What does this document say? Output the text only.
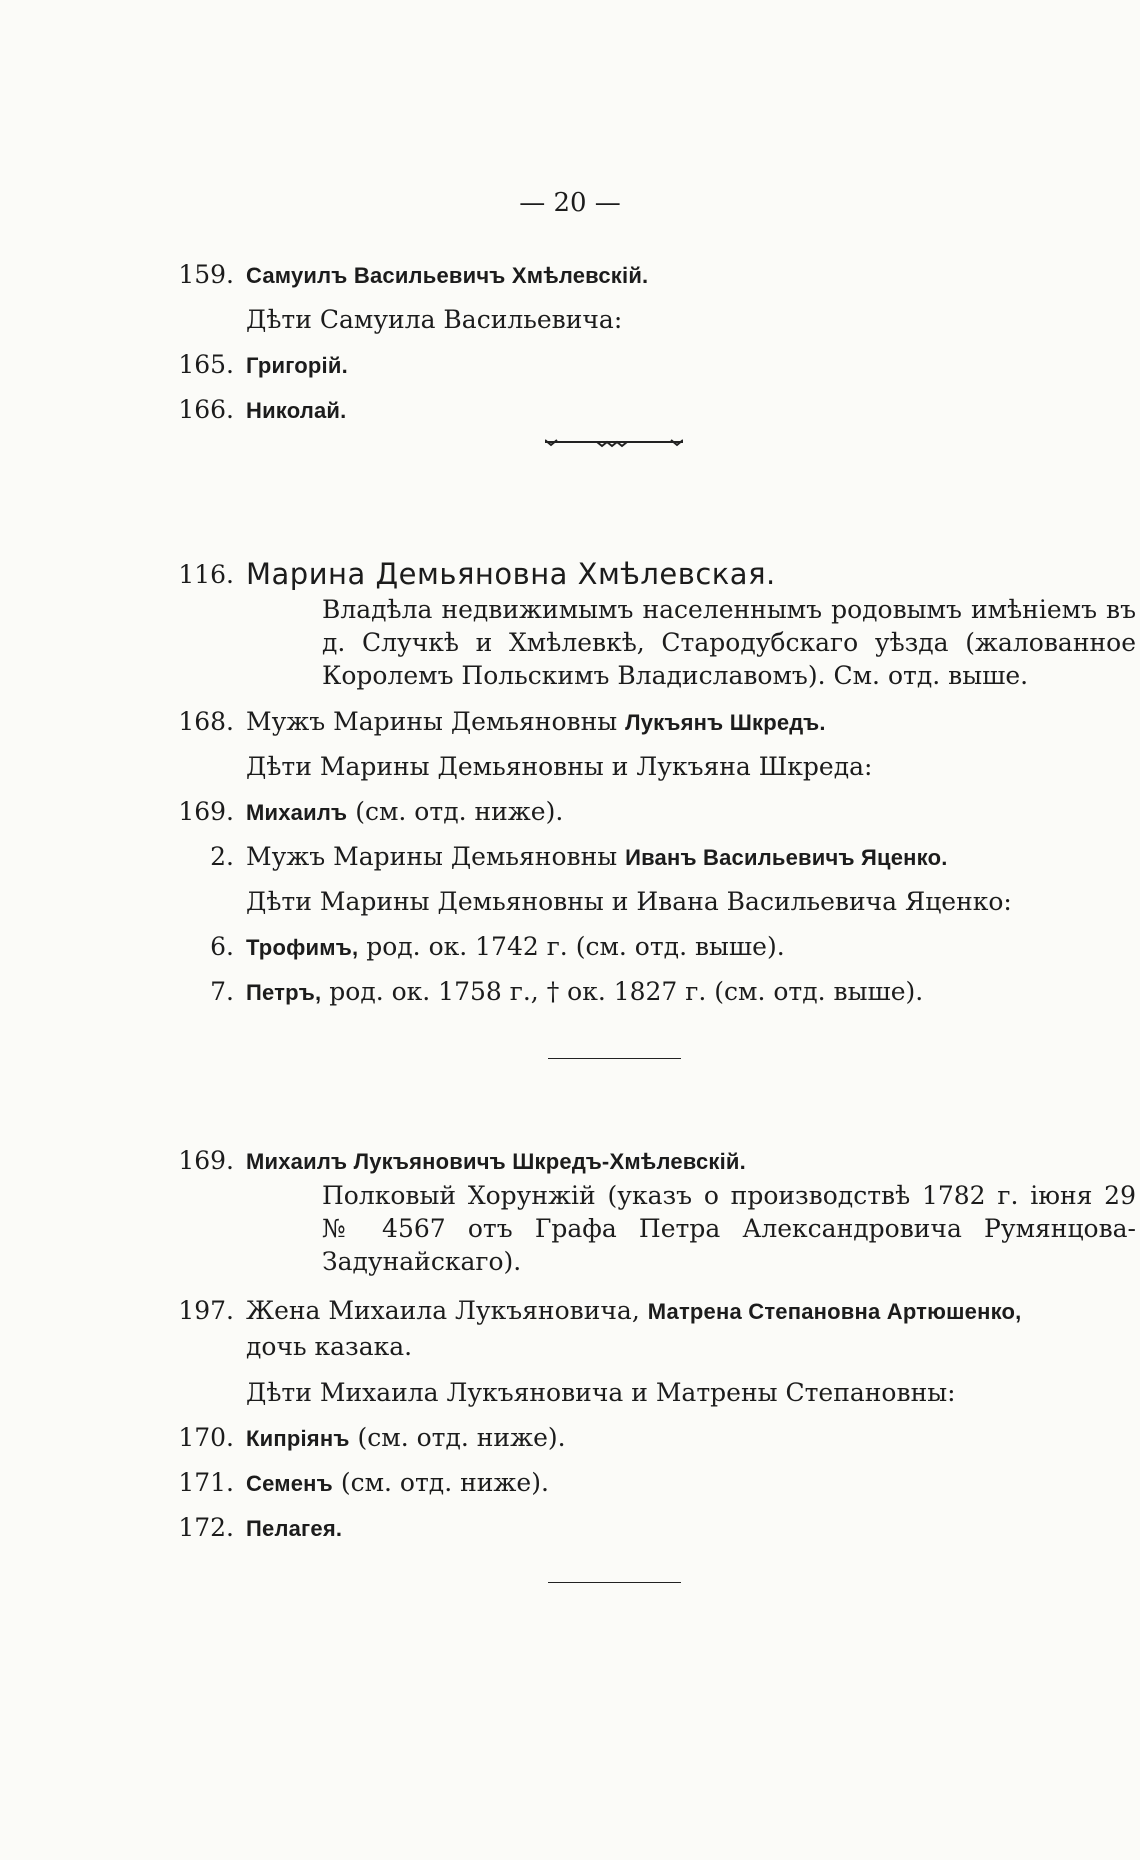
— 20 —
159. Самуилъ Васильевичъ Хмѣлевскій.
Дѣти Самуила Васильевича:
165. Григорій.
166. Николай.
116. Марина Демьяновна Хмѣлевская.
Владѣла недвижимымъ населеннымъ родовымъ имѣніемъ въ д. Случкѣ и Хмѣлевкѣ, Стародубскаго уѣзда (жалованное Королемъ Польскимъ Владиславомъ). См. отд. выше.
168. Мужъ Марины Демьяновны Лукъянъ Шкредъ.
Дѣти Марины Демьяновны и Лукъяна Шкреда:
169. Михаилъ (см. отд. ниже).
2. Мужъ Марины Демьяновны Иванъ Васильевичъ Яценко.
Дѣти Марины Демьяновны и Ивана Васильевича Яценко:
6. Трофимъ, род. ок. 1742 г. (см. отд. выше).
7. Петръ, род. ок. 1758 г., † ок. 1827 г. (см. отд. выше).
169. Михаилъ Лукъяновичъ Шкредъ-Хмѣлевскій.
Полковый Хорунжій (указъ о производствѣ 1782 г. іюня 29 № 4567 отъ Графа Петра Александровича Румянцова-Задунайскаго).
197. Жена Михаила Лукъяновича, Матрена Степановна Артюшенко,
дочь казака.
Дѣти Михаила Лукъяновича и Матрены Степановны:
170. Кипріянъ (см. отд. ниже).
171. Семенъ (см. отд. ниже).
172. Пелагея.
